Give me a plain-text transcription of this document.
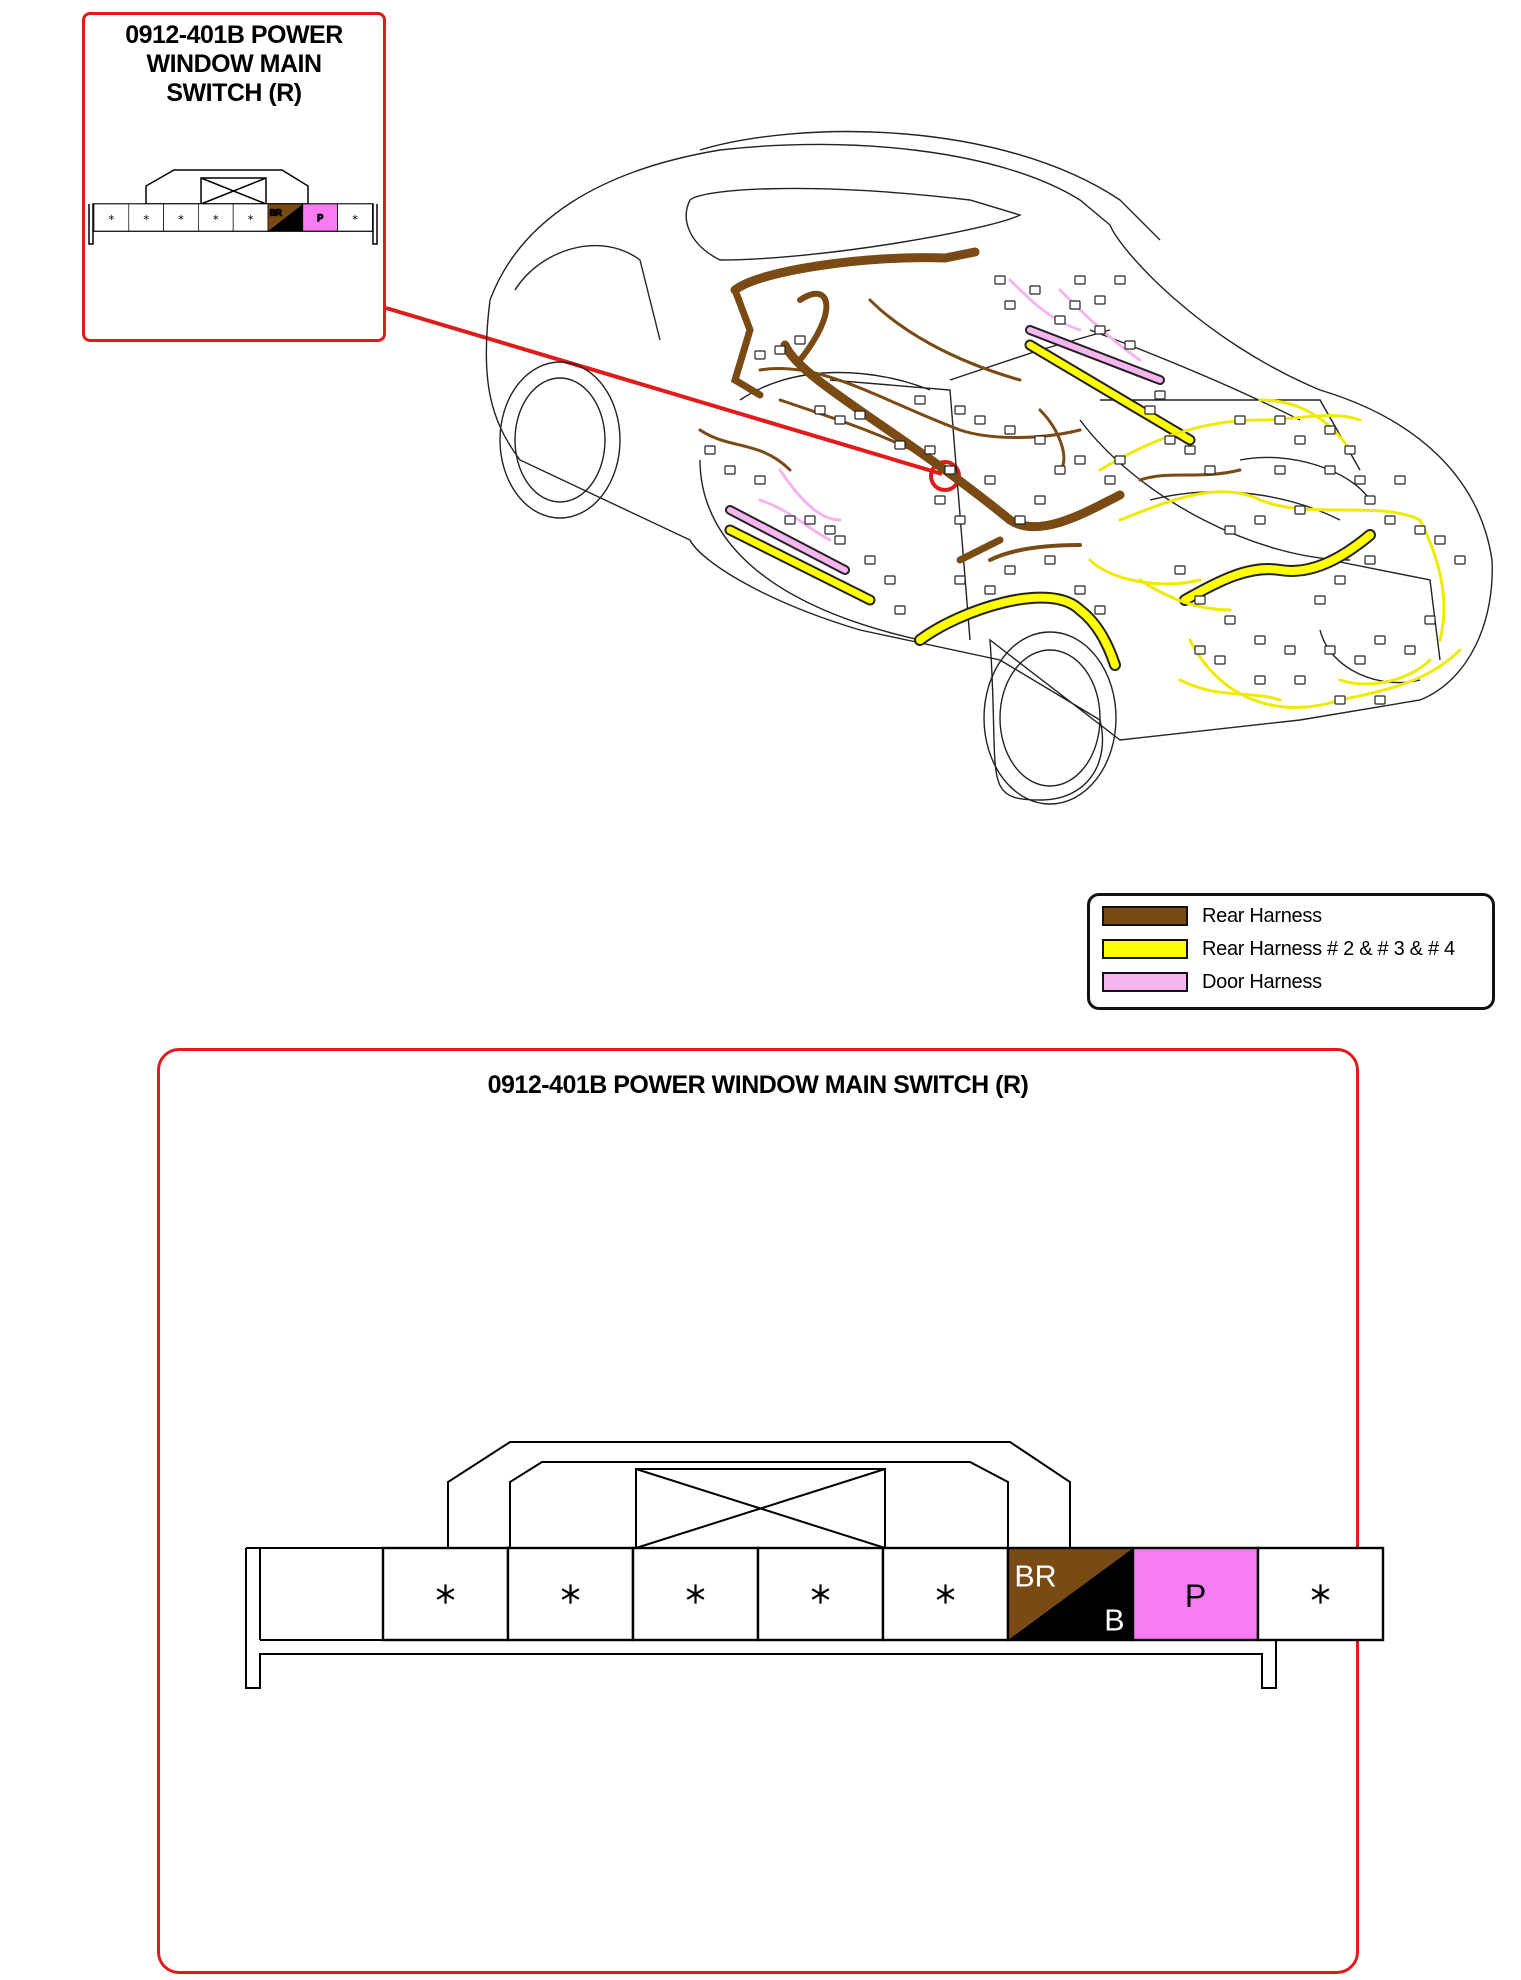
0912-401B POWER
WINDOW MAIN
SWITCH (R)
BR
B
P
Rear Harness
Rear Harness # 2 & # 3 & # 4
Door Harness
0912-401B POWER WINDOW MAIN SWITCH (R)
BR
B
P
